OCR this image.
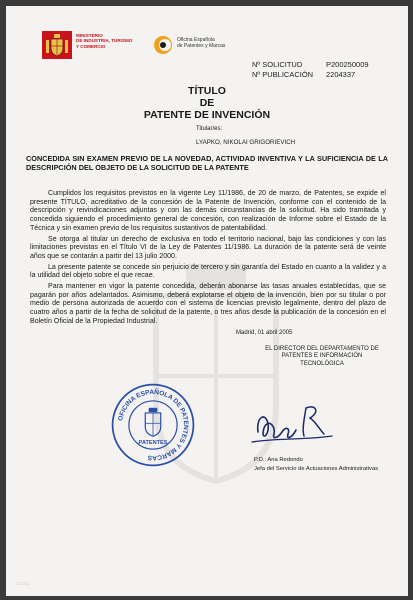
MINISTERIO
DE INDUSTRIA, TURISMO
Y COMERCIO
Oficina Española
de Patentes y Marcas
Nº SOLICITUD	P200250009
Nº PUBLICACIÓN 2204337
TÍTULO
DE
PATENTE DE INVENCIÓN
Titular/es:
LYAPKO, NIKOLAI GRIGORIEVICH
CONCEDIDA SIN EXAMEN PREVIO DE LA NOVEDAD, ACTIVIDAD INVENTIVA Y LA SUFICIENCIA DE LA DESCRIPCIÓN DEL OBJETO DE LA SOLICITUD DE LA PATENTE

Cumplidos los requisitos previstos en la vigente Ley 11/1986, de 20 de marzo, de Patentes, se expide el presente TÍTULO, acreditativo de la concesión de la Patente de Invención, conforme con el contenido de la descripción y reivindicaciones adjuntas y con las demás circunstancias de la solicitud. Ha sido tramitada y concedida siguiendo el procedimiento general de concesión, con realización de Informe sobre el Estado de la Técnica y sin examen previo de los requisitos sustantivos de patentabilidad.

Se otorga al titular un derecho de exclusiva en todo el territorio nacional, bajo las condiciones y con las limitaciones previstas en el Título VI de la Ley de Patentes 11/1986. La duración de la patente será de veinte años que se contarán a partir del 13 julio 2000.

La presente patente se concede sin perjuicio de tercero y sin garantía del Estado en cuanto a la validez y a la utilidad del objeto sobre el que recae.

Para mantener en vigor la patente concedida, deberán abonarse las tasas anuales establecidas, que se pagarán por años adelantados. Asimismo, deberá explotarse el objeto de la invención, bien por su titular o por medio de persona autorizada de acuerdo con el sistema de licencias previsto legalmente, dentro del plazo de cuatro años a partir de la fecha de solicitud de la patente, o tres años desde la publicación de la concesión en el Boletín Oficial de la Propiedad Industrial.

Madrid, 01 abril 2005
EL DIRECTOR DEL DEPARTAMENTO DE
PATENTES E INFORMACIÓN
TECNOLÓGICA
OFICINA ESPAÑOLA DE PATENTES Y MARCAS
PATENTES
P.D.: Ana Redondo
Jefa del Servicio de Actuaciones Administrativas
▭▭▭
